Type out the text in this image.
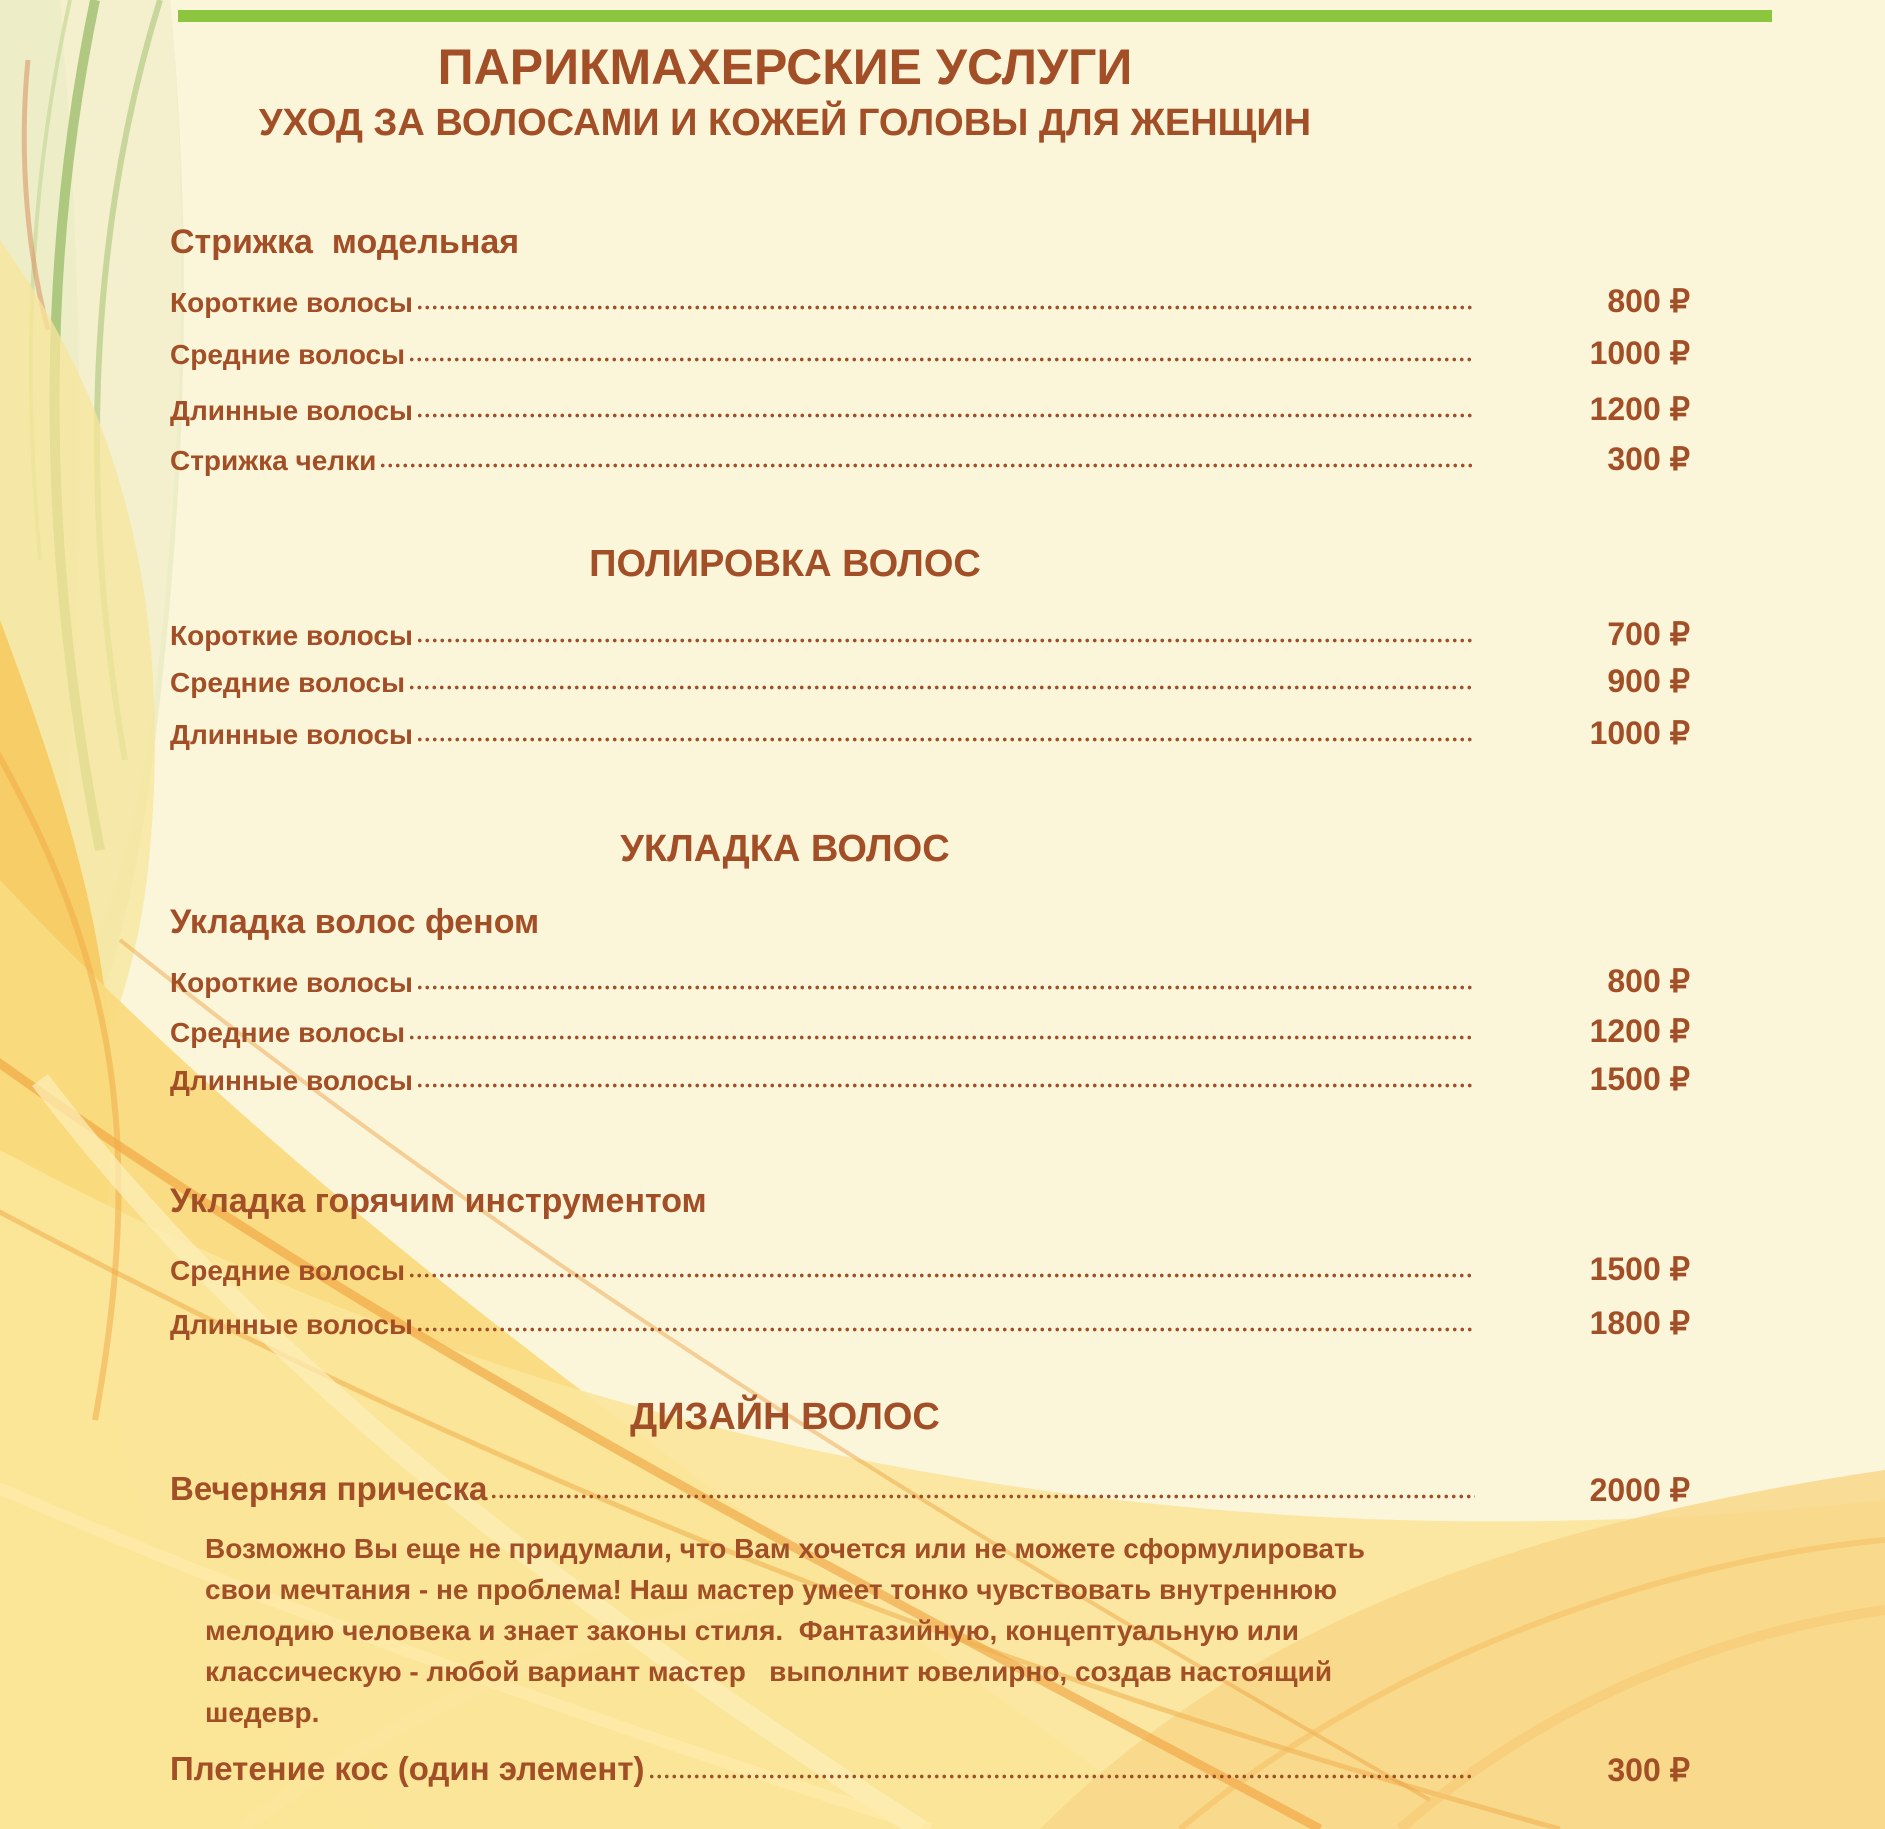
ПАРИКМАХЕРСКИЕ УСЛУГИ
УХОД ЗА ВОЛОСАМИ И КОЖЕЙ ГОЛОВЫ ДЛЯ ЖЕНЩИН
Стрижка  модельная
Короткие волосы	800 ₽
Средние волосы	1000 ₽
Длинные волосы	1200 ₽
Стрижка челки	300 ₽
ПОЛИРОВКА ВОЛОС
Короткие волосы	700 ₽
Средние волосы	900 ₽
Длинные волосы	1000 ₽
УКЛАДКА ВОЛОС
Укладка волос феном
Короткие волосы	800 ₽
Средние волосы	1200 ₽
Длинные волосы	1500 ₽
Укладка горячим инструментом
Средние волосы	1500 ₽
Длинные волосы	1800 ₽
ДИЗАЙН ВОЛОС
Вечерняя прическа	2000 ₽
Возможно Вы еще не придумали, что Вам хочется или не можете сформулировать
свои мечтания - не проблема! Наш мастер умеет тонко чувствовать внутреннюю
мелодию человека и знает законы стиля.  Фантазийную, концептуальную или
классическую - любой вариант мастер   выполнит ювелирно, создав настоящий
шедевр.
Плетение кос (один элемент)	300 ₽
